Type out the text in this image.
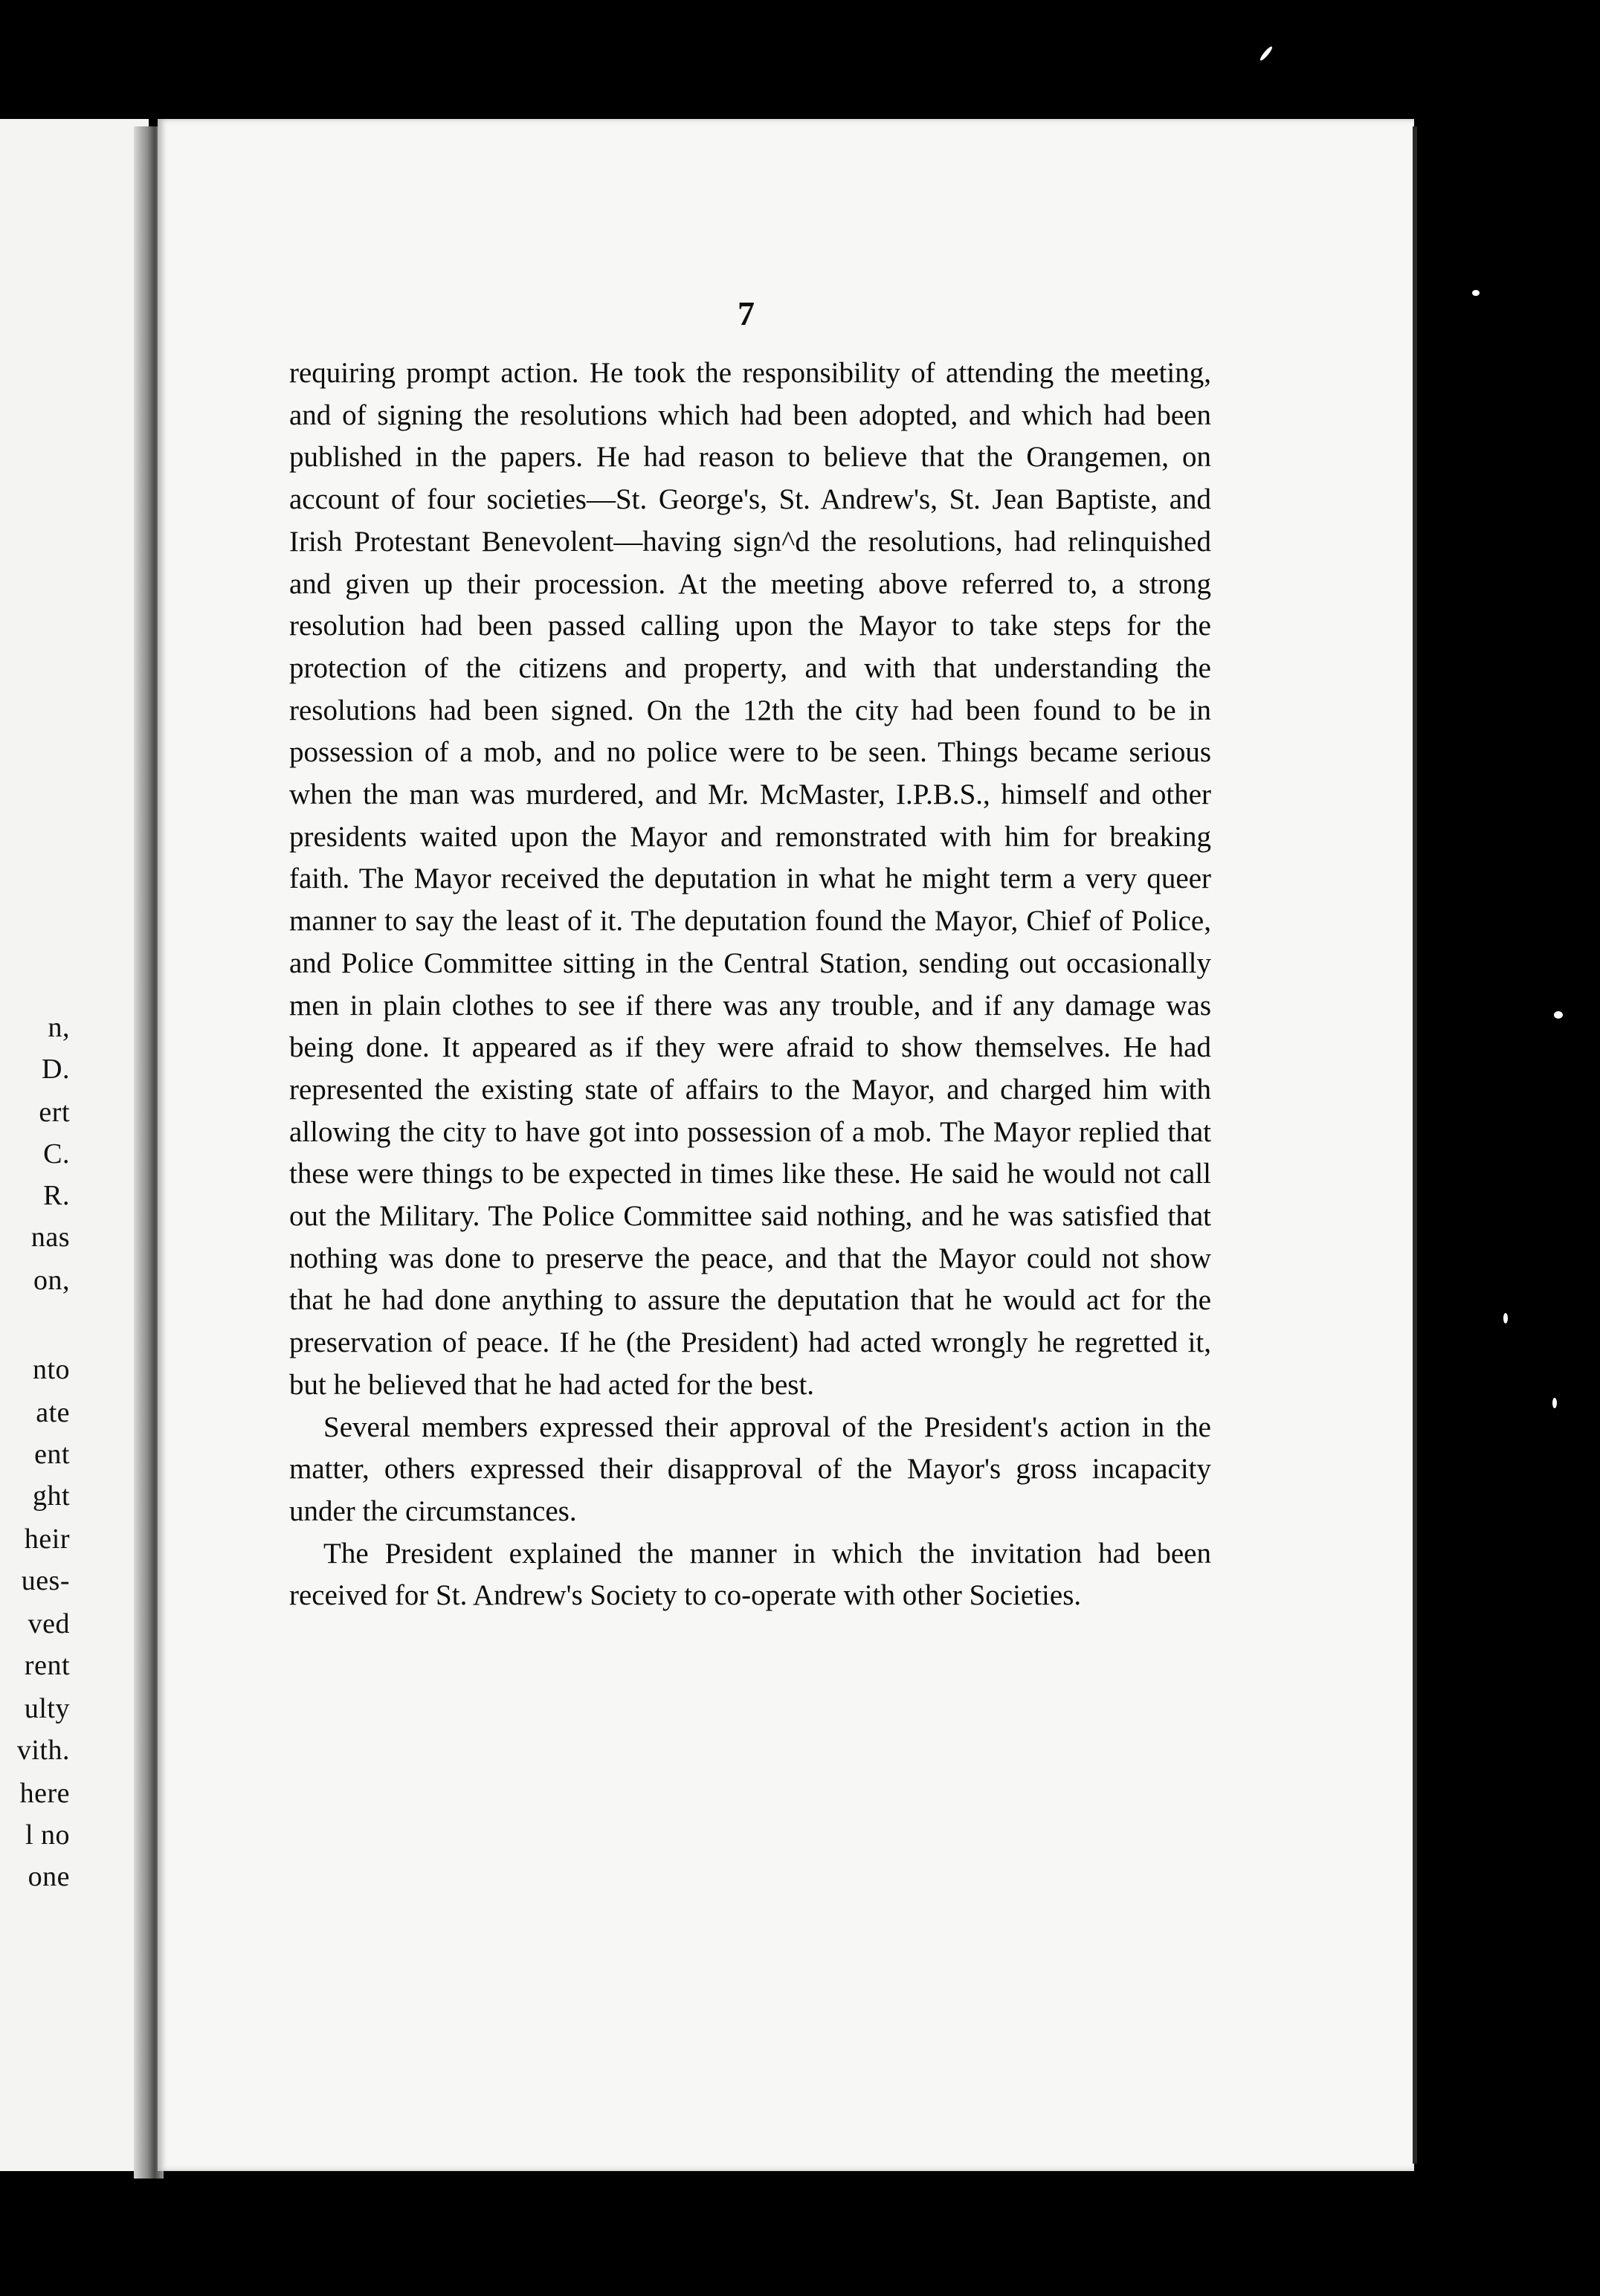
n,
D.
ert
C.
R.
nas
on,
nto
ate
ent
ght
heir
ues-
ved
rent
ulty
vith.
here
l no
one
7

requiring prompt action. He took the responsibility of attending the meeting, and of signing the resolutions which had been adopted, and which had been published in the papers. He had reason to believe that the Orangemen, on account of four societies—St. George's, St. Andrew's, St. Jean Baptiste, and Irish Protestant Benevolent—having sign^d the resolutions, had relinquished and given up their procession. At the meeting above referred to, a strong resolution had been passed calling upon the Mayor to take steps for the protection of the citizens and property, and with that understanding the resolutions had been signed. On the 12th the city had been found to be in possession of a mob, and no police were to be seen. Things became serious when the man was murdered, and Mr. McMaster, I.P.B.S., himself and other presidents waited upon the Mayor and remonstrated with him for breaking faith. The Mayor received the deputation in what he might term a very queer manner to say the least of it. The deputation found the Mayor, Chief of Police, and Police Committee sitting in the Central Station, sending out occasionally men in plain clothes to see if there was any trouble, and if any damage was being done. It appeared as if they were afraid to show themselves. He had represented the existing state of affairs to the Mayor, and charged him with allowing the city to have got into possession of a mob. The Mayor replied that these were things to be expected in times like these. He said he would not call out the Military. The Police Committee said nothing, and he was satisfied that nothing was done to preserve the peace, and that the Mayor could not show that he had done anything to assure the deputation that he would act for the preservation of peace. If he (the President) had acted wrongly he regretted it, but he believed that he had acted for the best.

Several members expressed their approval of the President's action in the matter, others expressed their disapproval of the Mayor's gross incapacity under the circumstances.

The President explained the manner in which the invitation had been received for St. Andrew's Society to co-operate with other Societies.
